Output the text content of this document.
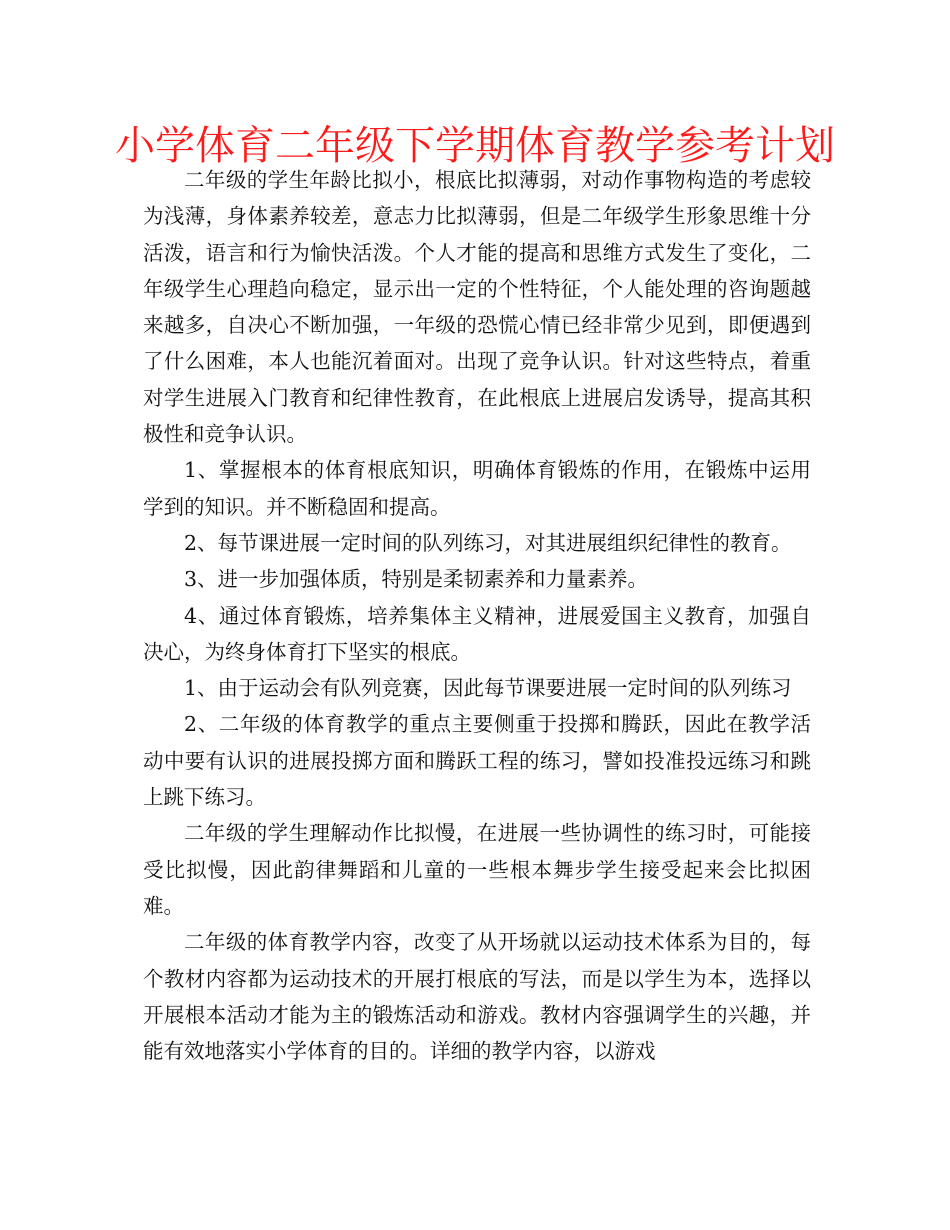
小学体育二年级下学期体育教学参考计划

二年级的学生年龄比拟小，根底比拟薄弱，对动作事物构造的考虑较为浅薄，身体素养较差，意志力比拟薄弱，但是二年级学生形象思维十分活泼，语言和行为愉快活泼。个人才能的提高和思维方式发生了变化，二年级学生心理趋向稳定，显示出一定的个性特征，个人能处理的咨询题越来越多，自决心不断加强，一年级的恐慌心情已经非常少见到，即便遇到了什么困难，本人也能沉着面对。出现了竞争认识。针对这些特点，着重对学生进展入门教育和纪律性教育，在此根底上进展启发诱导，提高其积极性和竞争认识。

1、掌握根本的体育根底知识，明确体育锻炼的作用，在锻炼中运用学到的知识。并不断稳固和提高。

2、每节课进展一定时间的队列练习，对其进展组织纪律性的教育。

3、进一步加强体质，特别是柔韧素养和力量素养。

4、通过体育锻炼，培养集体主义精神，进展爱国主义教育，加强自决心，为终身体育打下坚实的根底。

1、由于运动会有队列竞赛，因此每节课要进展一定时间的队列练习

2、二年级的体育教学的重点主要侧重于投掷和腾跃，因此在教学活动中要有认识的进展投掷方面和腾跃工程的练习，譬如投准投远练习和跳上跳下练习。

二年级的学生理解动作比拟慢，在进展一些协调性的练习时，可能接受比拟慢，因此韵律舞蹈和儿童的一些根本舞步学生接受起来会比拟困难。

二年级的体育教学内容，改变了从开场就以运动技术体系为目的，每个教材内容都为运动技术的开展打根底的写法，而是以学生为本，选择以开展根本活动才能为主的锻炼活动和游戏。教材内容强调学生的兴趣，并能有效地落实小学体育的目的。详细的教学内容，以游戏
